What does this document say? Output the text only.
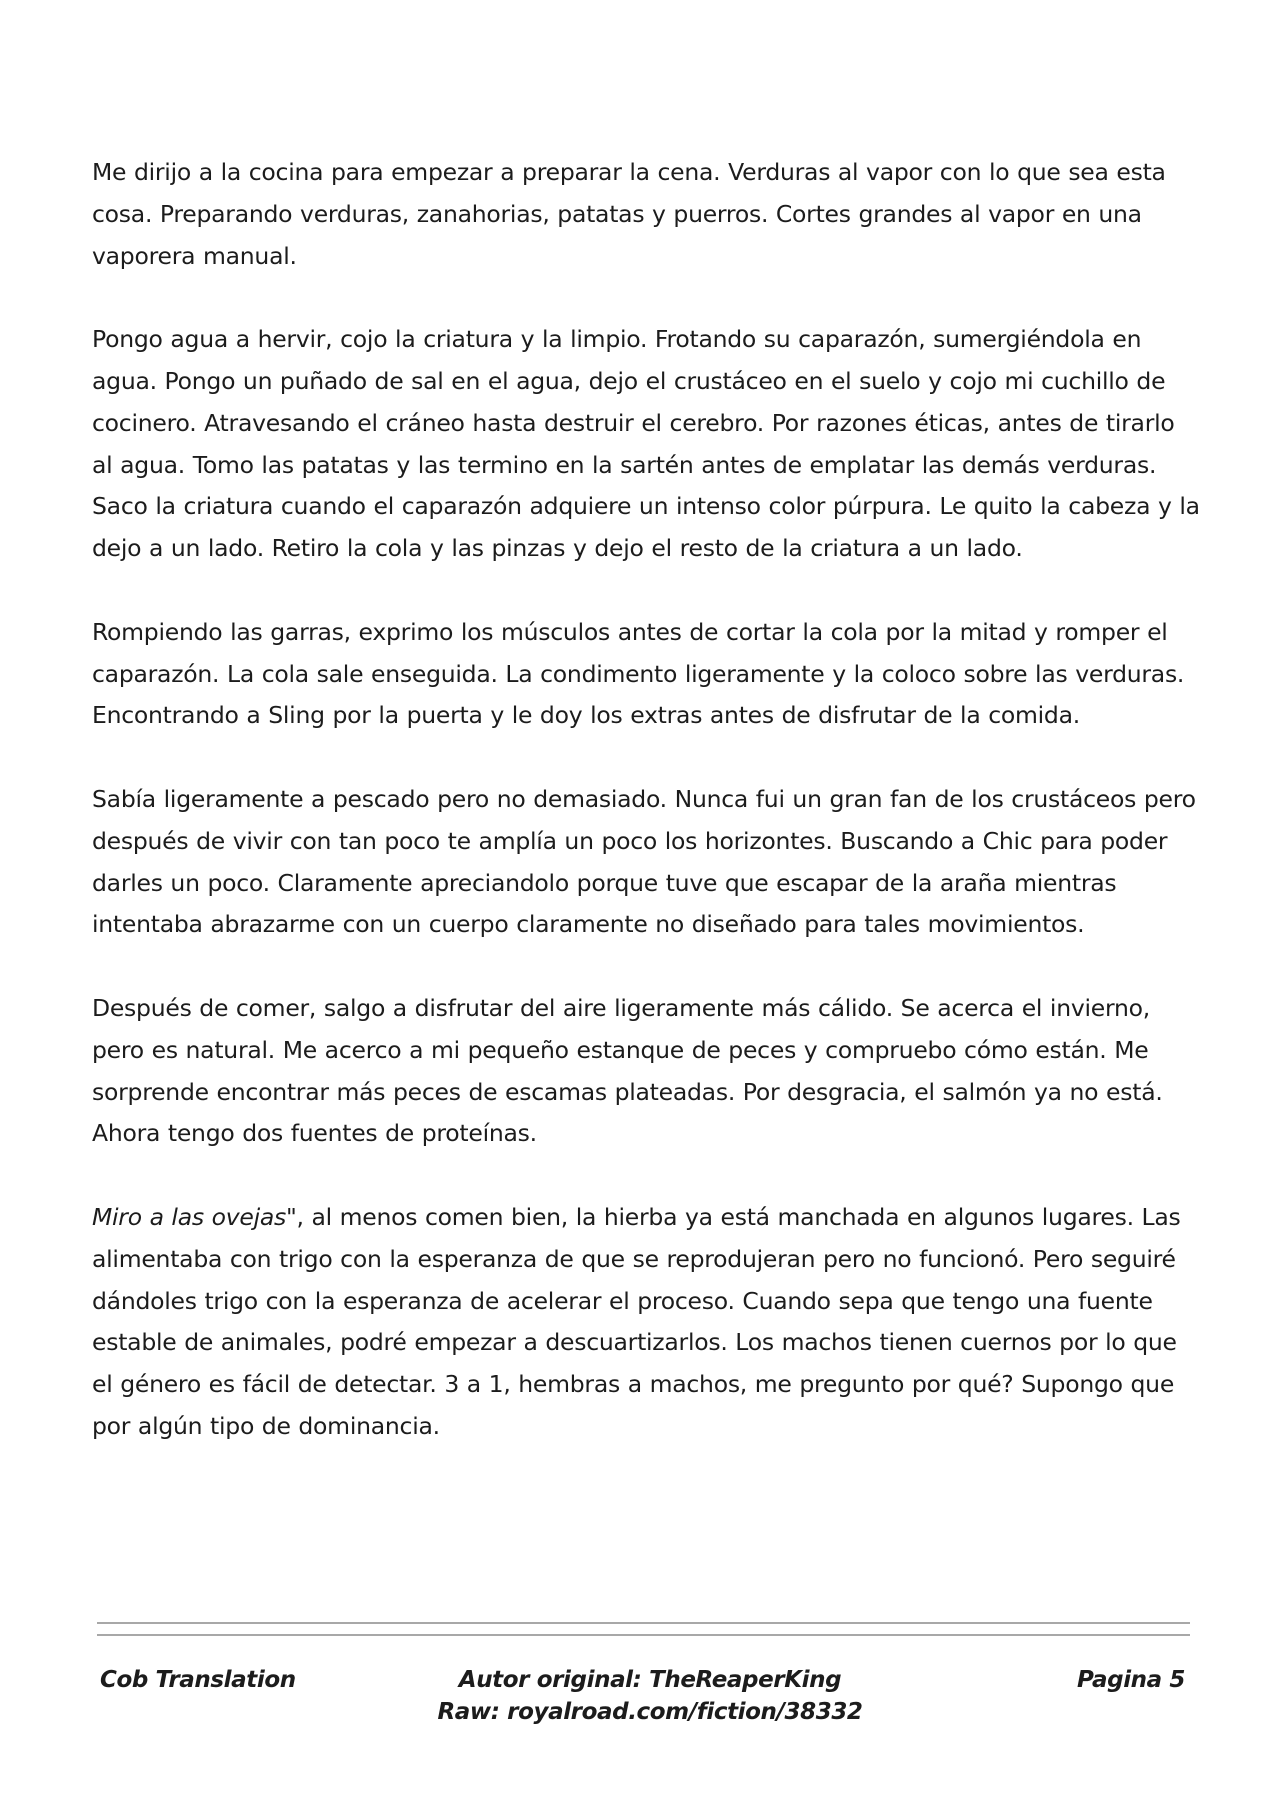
Me dirijo a la cocina para empezar a preparar la cena. Verduras al vapor con lo que sea esta cosa. Preparando verduras, zanahorias, patatas y puerros. Cortes grandes al vapor en una vaporera manual.

Pongo agua a hervir, cojo la criatura y la limpio. Frotando su caparazón, sumergiéndola en agua. Pongo un puñado de sal en el agua, dejo el crustáceo en el suelo y cojo mi cuchillo de cocinero. Atravesando el cráneo hasta destruir el cerebro. Por razones éticas, antes de tirarlo al agua. Tomo las patatas y las termino en la sartén antes de emplatar las demás verduras. Saco la criatura cuando el caparazón adquiere un intenso color púrpura. Le quito la cabeza y la dejo a un lado. Retiro la cola y las pinzas y dejo el resto de la criatura a un lado.

Rompiendo las garras, exprimo los músculos antes de cortar la cola por la mitad y romper el caparazón. La cola sale enseguida. La condimento ligeramente y la coloco sobre las verduras. Encontrando a Sling por la puerta y le doy los extras antes de disfrutar de la comida.

Sabía ligeramente a pescado pero no demasiado. Nunca fui un gran fan de los crustáceos pero después de vivir con tan poco te amplía un poco los horizontes. Buscando a Chic para poder darles un poco. Claramente apreciandolo porque tuve que escapar de la araña mientras intentaba abrazarme con un cuerpo claramente no diseñado para tales movimientos.

Después de comer, salgo a disfrutar del aire ligeramente más cálido. Se acerca el invierno, pero es natural. Me acerco a mi pequeño estanque de peces y compruebo cómo están. Me sorprende encontrar más peces de escamas plateadas. Por desgracia, el salmón ya no está. Ahora tengo dos fuentes de proteínas.

Miro a las ovejas", al menos comen bien, la hierba ya está manchada en algunos lugares. Las alimentaba con trigo con la esperanza de que se reprodujeran pero no funcionó. Pero seguiré dándoles trigo con la esperanza de acelerar el proceso. Cuando sepa que tengo una fuente estable de animales, podré empezar a descuartizarlos. Los machos tienen cuernos por lo que el género es fácil de detectar. 3 a 1, hembras a machos, me pregunto por qué? Supongo que por algún tipo de dominancia.

Cob Translation	Autor original: TheReaperKing
Raw: royalroad.com/fiction/38332
Pagina 5
